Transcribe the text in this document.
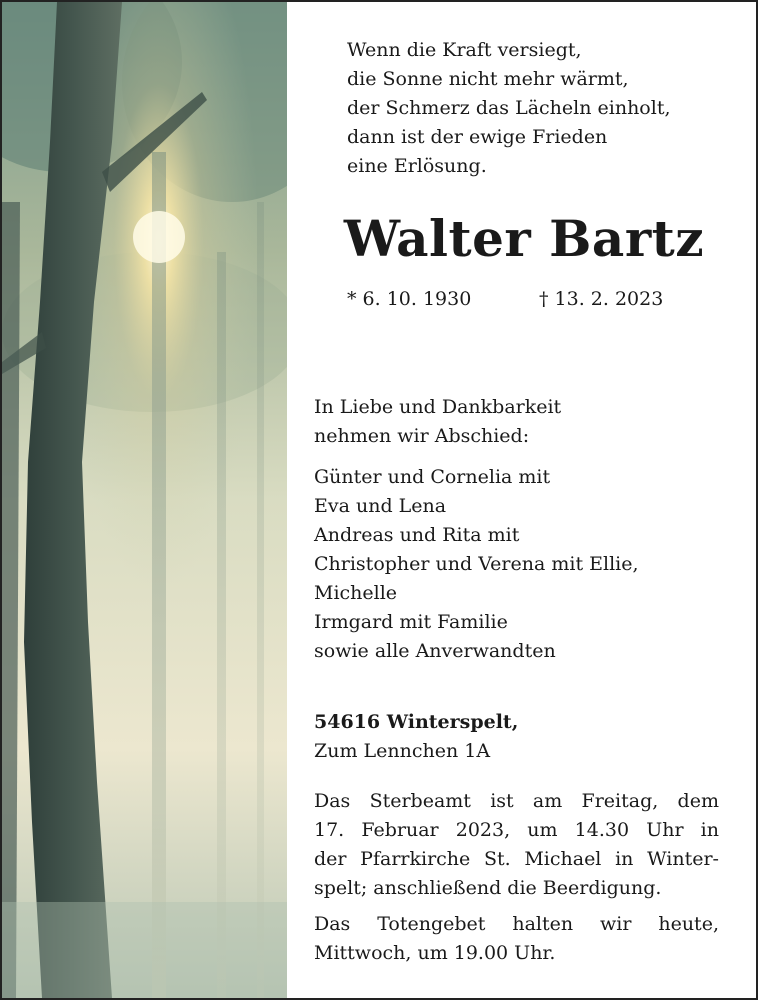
Wenn die Kraft versiegt,
die Sonne nicht mehr wärmt,
der Schmerz das Lächeln einholt,
dann ist der ewige Frieden
eine Erlösung.
Walter Bartz
* 6. 10. 1930	† 13. 2. 2023
In Liebe und Dankbarkeit
nehmen wir Abschied:
Günter und Cornelia mit
Eva und Lena
Andreas und Rita mit
Christopher und Verena mit Ellie,
Michelle
Irmgard mit Familie
sowie alle Anverwandten
54616 Winterspelt,
Zum Lennchen 1A
Das Sterbeamt ist am Freitag, dem
17. Februar 2023, um 14.30 Uhr in
der Pfarrkirche St. Michael in Winter-
spelt; anschließend die Beerdigung.
Das Totengebet halten wir heute,
Mittwoch, um 19.00 Uhr.
